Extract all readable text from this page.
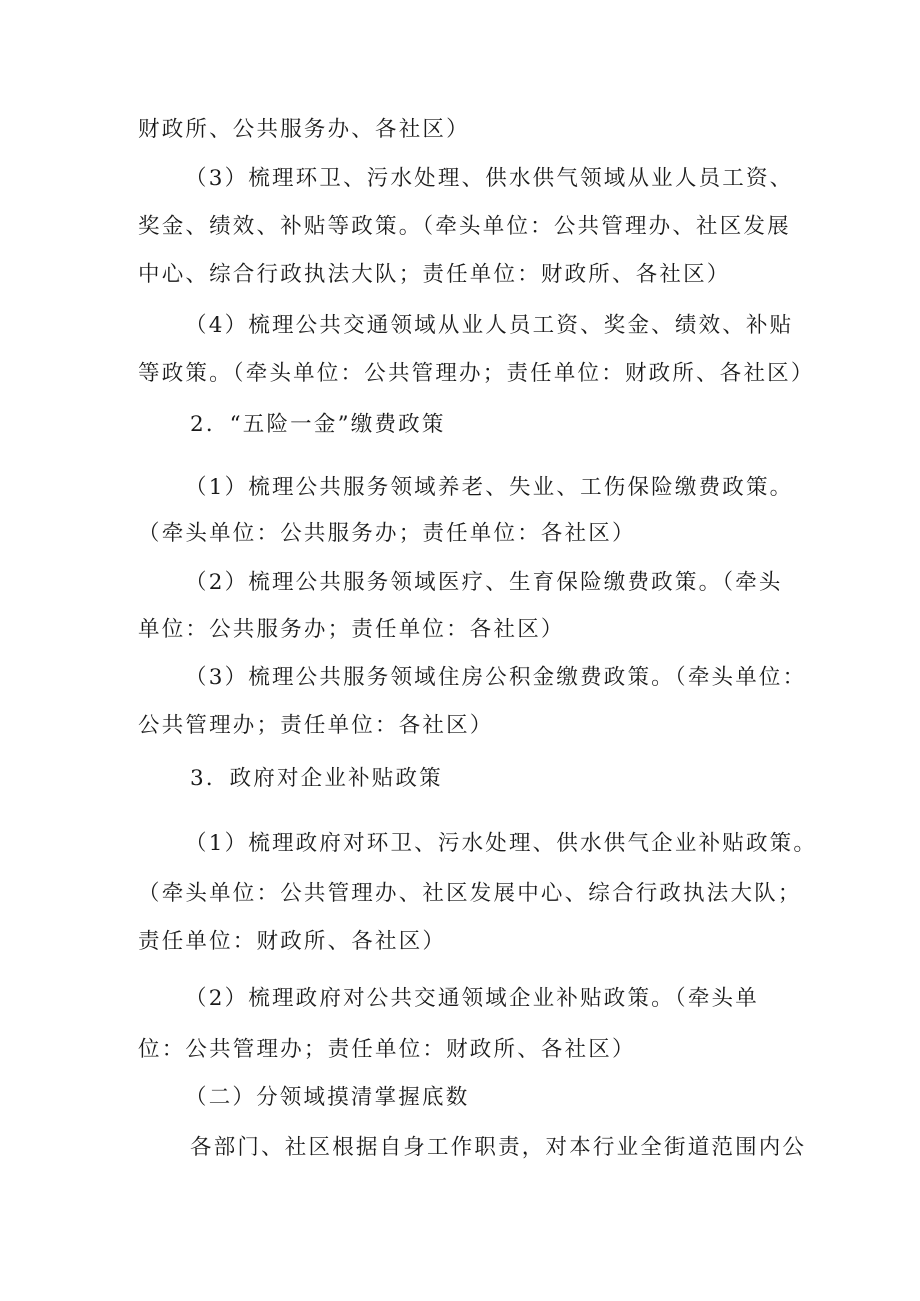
财政所、公共服务办、各社区）
（3）梳理环卫、污水处理、供水供气领域从业人员工资、
奖金、绩效、补贴等政策。（牵头单位：公共管理办、社区发展
中心、综合行政执法大队；责任单位：财政所、各社区）
（4）梳理公共交通领域从业人员工资、奖金、绩效、补贴
等政策。（牵头单位：公共管理办；责任单位：财政所、各社区）
2．“五险一金”缴费政策
（1）梳理公共服务领域养老、失业、工伤保险缴费政策。
（牵头单位：公共服务办；责任单位：各社区）
（2）梳理公共服务领域医疗、生育保险缴费政策。（牵头
单位：公共服务办；责任单位：各社区）
（3）梳理公共服务领域住房公积金缴费政策。（牵头单位：
公共管理办；责任单位：各社区）
3．政府对企业补贴政策
（1）梳理政府对环卫、污水处理、供水供气企业补贴政策。
（牵头单位：公共管理办、社区发展中心、综合行政执法大队；
责任单位：财政所、各社区）
（2）梳理政府对公共交通领域企业补贴政策。（牵头单
位：公共管理办；责任单位：财政所、各社区）
（二）分领域摸清掌握底数
各部门、社区根据自身工作职责，对本行业全街道范围内公
